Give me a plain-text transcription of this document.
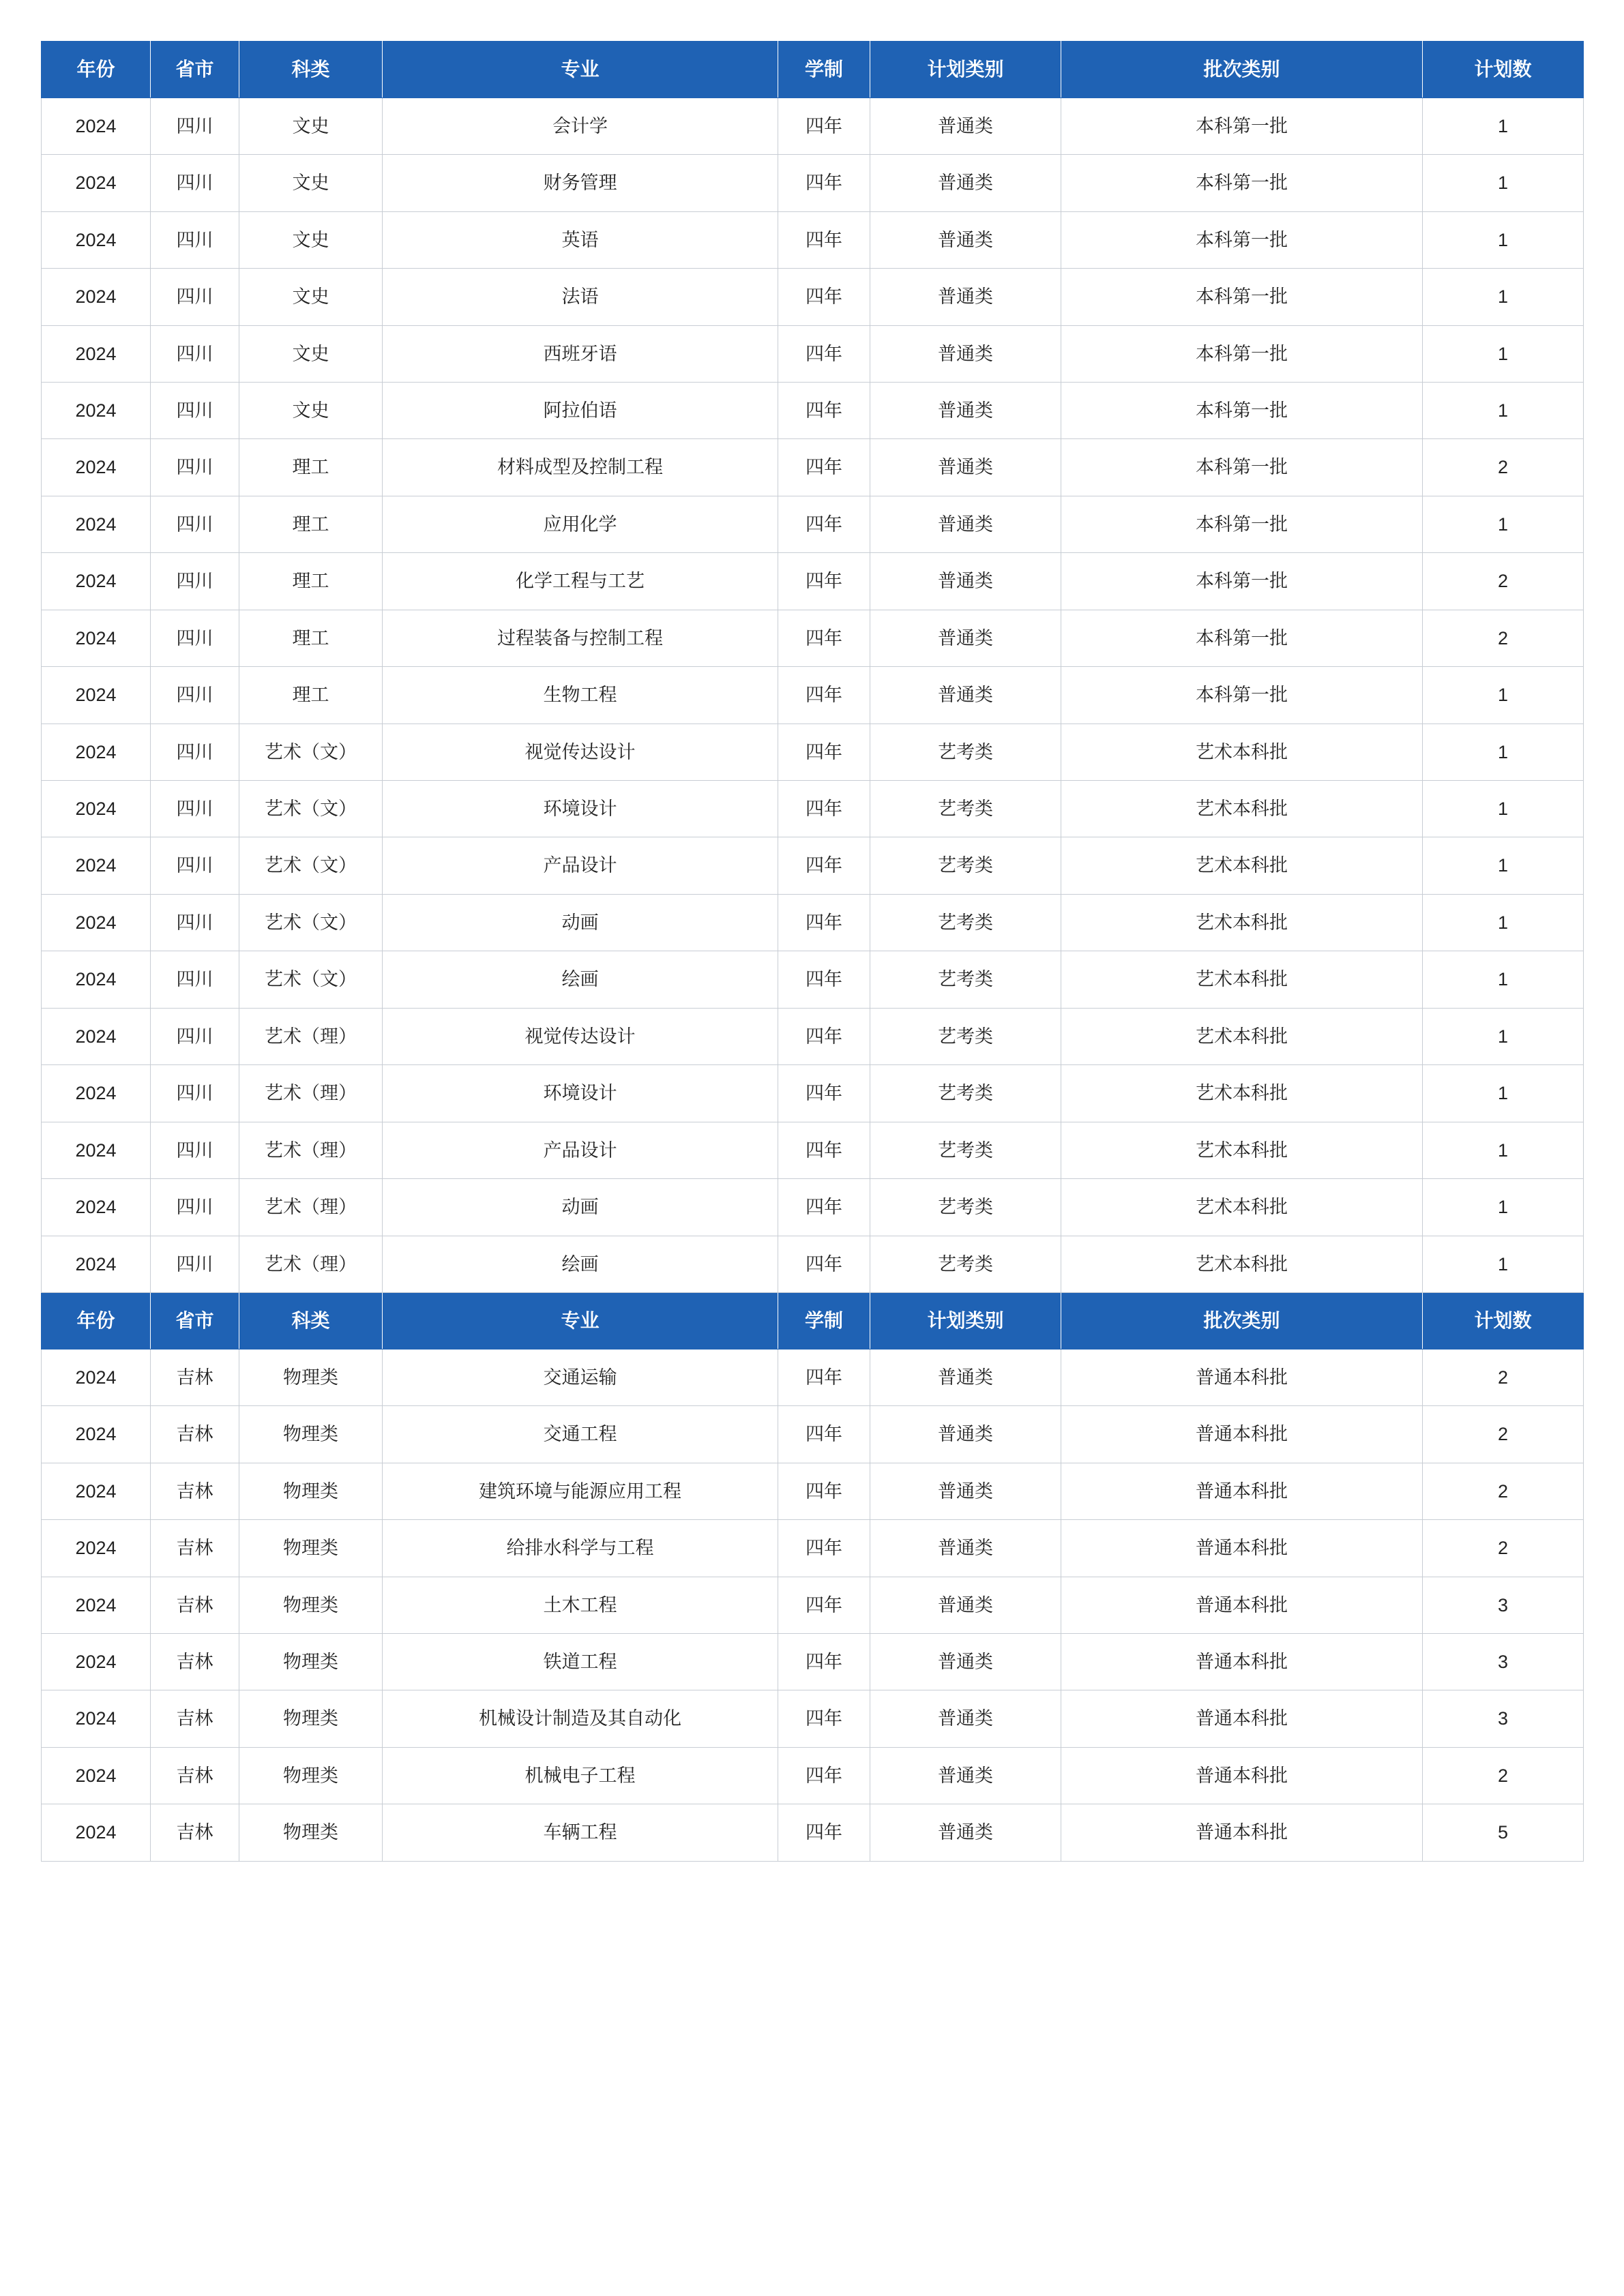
年份	省市	科类	专业	学制	计划类别	批次类别	计划数
2024	四川	文史	会计学	四年	普通类	本科第一批	1
2024	四川	文史	财务管理	四年	普通类	本科第一批	1
2024	四川	文史	英语	四年	普通类	本科第一批	1
2024	四川	文史	法语	四年	普通类	本科第一批	1
2024	四川	文史	西班牙语	四年	普通类	本科第一批	1
2024	四川	文史	阿拉伯语	四年	普通类	本科第一批	1
2024	四川	理工	材料成型及控制工程	四年	普通类	本科第一批	2
2024	四川	理工	应用化学	四年	普通类	本科第一批	1
2024	四川	理工	化学工程与工艺	四年	普通类	本科第一批	2
2024	四川	理工	过程装备与控制工程	四年	普通类	本科第一批	2
2024	四川	理工	生物工程	四年	普通类	本科第一批	1
2024	四川	艺术（文）	视觉传达设计	四年	艺考类	艺术本科批	1
2024	四川	艺术（文）	环境设计	四年	艺考类	艺术本科批	1
2024	四川	艺术（文）	产品设计	四年	艺考类	艺术本科批	1
2024	四川	艺术（文）	动画	四年	艺考类	艺术本科批	1
2024	四川	艺术（文）	绘画	四年	艺考类	艺术本科批	1
2024	四川	艺术（理）	视觉传达设计	四年	艺考类	艺术本科批	1
2024	四川	艺术（理）	环境设计	四年	艺考类	艺术本科批	1
2024	四川	艺术（理）	产品设计	四年	艺考类	艺术本科批	1
2024	四川	艺术（理）	动画	四年	艺考类	艺术本科批	1
2024	四川	艺术（理）	绘画	四年	艺考类	艺术本科批	1
年份	省市	科类	专业	学制	计划类别	批次类别	计划数
2024	吉林	物理类	交通运输	四年	普通类	普通本科批	2
2024	吉林	物理类	交通工程	四年	普通类	普通本科批	2
2024	吉林	物理类	建筑环境与能源应用工程	四年	普通类	普通本科批	2
2024	吉林	物理类	给排水科学与工程	四年	普通类	普通本科批	2
2024	吉林	物理类	土木工程	四年	普通类	普通本科批	3
2024	吉林	物理类	铁道工程	四年	普通类	普通本科批	3
2024	吉林	物理类	机械设计制造及其自动化	四年	普通类	普通本科批	3
2024	吉林	物理类	机械电子工程	四年	普通类	普通本科批	2
2024	吉林	物理类	车辆工程	四年	普通类	普通本科批	5
